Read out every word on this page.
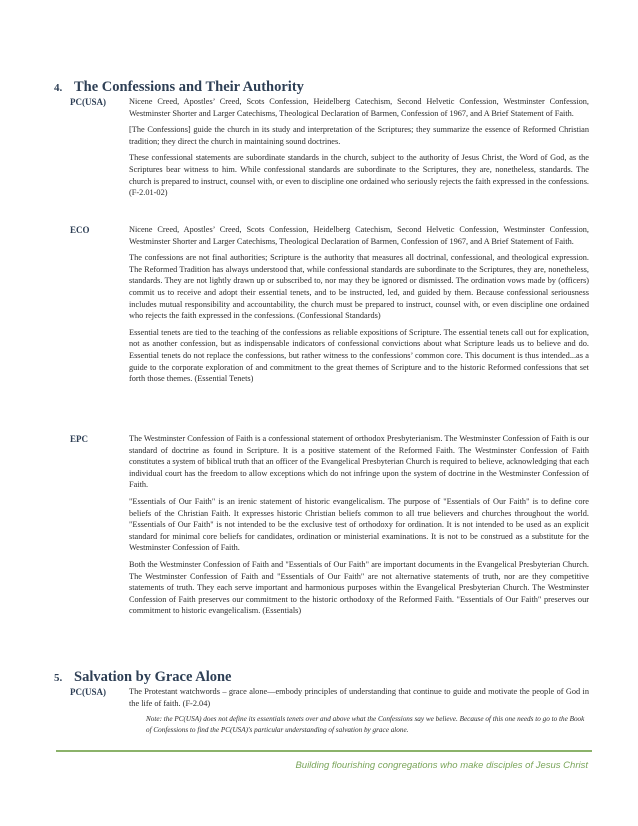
4. The Confessions and Their Authority
PC(USA)	Nicene Creed, Apostles’ Creed, Scots Confession, Heidelberg Catechism, Second Helvetic Confession, Westminster Confession, Westminster Shorter and Larger Catechisms, Theological Declaration of Barmen, Confession of 1967, and A Brief Statement of Faith.

[The Confessions] guide the church in its study and interpretation of the Scriptures; they summarize the essence of Reformed Christian tradition; they direct the church in maintaining sound doctrines.

These confessional statements are subordinate standards in the church, subject to the authority of Jesus Christ, the Word of God, as the Scriptures bear witness to him. While confessional standards are subordinate to the Scriptures, they are, nonetheless, standards. The church is prepared to instruct, counsel with, or even to discipline one ordained who seriously rejects the faith expressed in the confessions. (F-2.01-02)

ECO	Nicene Creed, Apostles’ Creed, Scots Confession, Heidelberg Catechism, Second Helvetic Confession, Westminster Confession, Westminster Shorter and Larger Catechisms, Theological Declaration of Barmen, Confession of 1967, and A Brief Statement of Faith.

The confessions are not final authorities; Scripture is the authority that measures all doctrinal, confessional, and theological expression. The Reformed Tradition has always understood that, while confessional standards are subordinate to the Scriptures, they are, nonetheless, standards. They are not lightly drawn up or subscribed to, nor may they be ignored or dismissed. The ordination vows made by (officers) commit us to receive and adopt their essential tenets, and to be instructed, led, and guided by them. Because confessional seriousness includes mutual responsibility and accountability, the church must be prepared to instruct, counsel with, or even discipline one ordained who rejects the faith expressed in the confessions. (Confessional Standards)

Essential tenets are tied to the teaching of the confessions as reliable expositions of Scripture. The essential tenets call out for explication, not as another confession, but as indispensable indicators of confessional convictions about what Scripture leads us to believe and do. Essential tenets do not replace the confessions, but rather witness to the confessions’ common core. This document is thus intended...as a guide to the corporate exploration of and commitment to the great themes of Scripture and to the historic Reformed confessions that set forth those themes. (Essential Tenets)

EPC	The Westminster Confession of Faith is a confessional statement of orthodox Presbyterianism. The Westminster Confession of Faith is our standard of doctrine as found in Scripture. It is a positive statement of the Reformed Faith. The Westminster Confession of Faith constitutes a system of biblical truth that an officer of the Evangelical Presbyterian Church is required to believe, acknowledging that each individual court has the freedom to allow exceptions which do not infringe upon the system of doctrine in the Westminster Confession of Faith.

"Essentials of Our Faith" is an irenic statement of historic evangelicalism. The purpose of "Essentials of Our Faith" is to define core beliefs of the Christian Faith. It expresses historic Christian beliefs common to all true believers and churches throughout the world. "Essentials of Our Faith" is not intended to be the exclusive test of orthodoxy for ordination. It is not intended to be used as an explicit standard for minimal core beliefs for candidates, ordination or ministerial examinations. It is not to be construed as a substitute for the Westminster Confession of Faith.

Both the Westminster Confession of Faith and "Essentials of Our Faith" are important documents in the Evangelical Presbyterian Church. The Westminster Confession of Faith and "Essentials of Our Faith" are not alternative statements of truth, nor are they competitive statements of truth. They each serve important and harmonious purposes within the Evangelical Presbyterian Church. The Westminster Confession of Faith preserves our commitment to the historic orthodoxy of the Reformed Faith. "Essentials of Our Faith" preserves our commitment to historic evangelicalism. (Essentials)

5. Salvation by Grace Alone
PC(USA)	The Protestant watchwords – grace alone—embody principles of understanding that continue to guide and motivate the people of God in the life of faith. (F-2.04)

Note: the PC(USA) does not define its essentials tenets over and above what the Confessions say we believe. Because of this one needs to go to the Book of Confessions to find the PC(USA)'s particular understanding of salvation by grace alone.

Building flourishing congregations who make disciples of Jesus Christ
